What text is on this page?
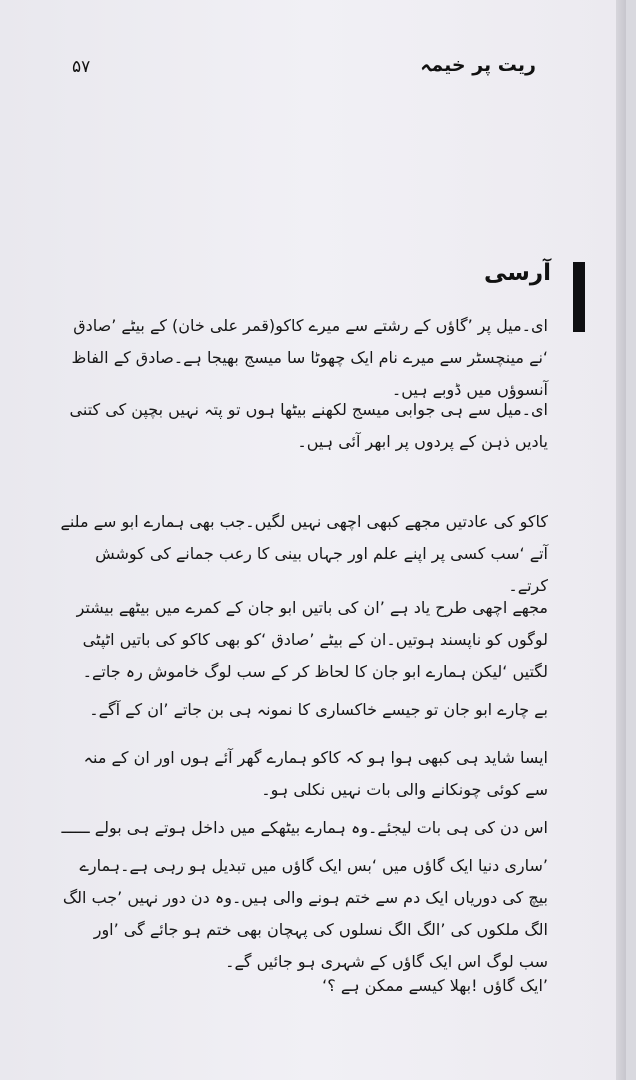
ریت پر خیمہ
۵۷
آرسی

ای۔میل پر ’گاؤں کے رشتے سے میرے کاکو(قمر علی خان) کے بیٹے ’صادق ‘نے مینچسٹر سے میرے نام ایک چھوٹا سا میسج بھیجا ہے۔صادق کے الفاظ آنسوؤں میں ڈوبے ہیں۔

ای۔میل سے ہی جوابی میسج لکھنے بیٹھا ہوں تو پتہ نہیں بچپن کی کتنی یادیں ذہن کے پردوں پر ابھر آئی ہیں۔

کاکو کی عادتیں مجھے کبھی اچھی نہیں لگیں۔جب بھی ہمارے ابو سے ملنے آتے ‘سب کسی پر اپنے علم اور جہاں بینی کا رعب جمانے کی کوشش کرتے۔

مجھے اچھی طرح یاد ہے ’ان کی باتیں ابو جان کے کمرے میں بیٹھے بیشتر لوگوں کو ناپسند ہوتیں۔ان کے بیٹے ’صادق ‘کو بھی کاکو کی باتیں اٹپٹی لگتیں ‘لیکن ہمارے ابو جان کا لحاظ کر کے سب لوگ خاموش رہ جاتے۔

بے چارے ابو جان تو جیسے خاکساری کا نمونہ ہی بن جاتے ’ان کے آگے۔

ایسا شاید ہی کبھی ہوا ہو کہ کاکو ہمارے گھر آئے ہوں اور ان کے منہ سے کوئی چونکانے والی بات نہیں نکلی ہو۔

اس دن کی ہی بات لیجئے۔وہ ہمارے بیٹھکے میں داخل ہوتے ہی بولے ــــــ

’ساری دنیا ایک گاؤں میں ‘بس ایک گاؤں میں تبدیل ہو رہی ہے۔ہمارے بیچ کی دوریاں ایک دم سے ختم ہونے والی ہیں۔وہ دن دور نہیں ’جب الگ الگ ملکوں کی ’الگ الگ نسلوں کی پہچان بھی ختم ہو جائے گی ’اور سب لوگ اس ایک گاؤں کے شہری ہو جائیں گے۔

’ایک گاؤں !بھلا کیسے ممکن ہے ؟‘
